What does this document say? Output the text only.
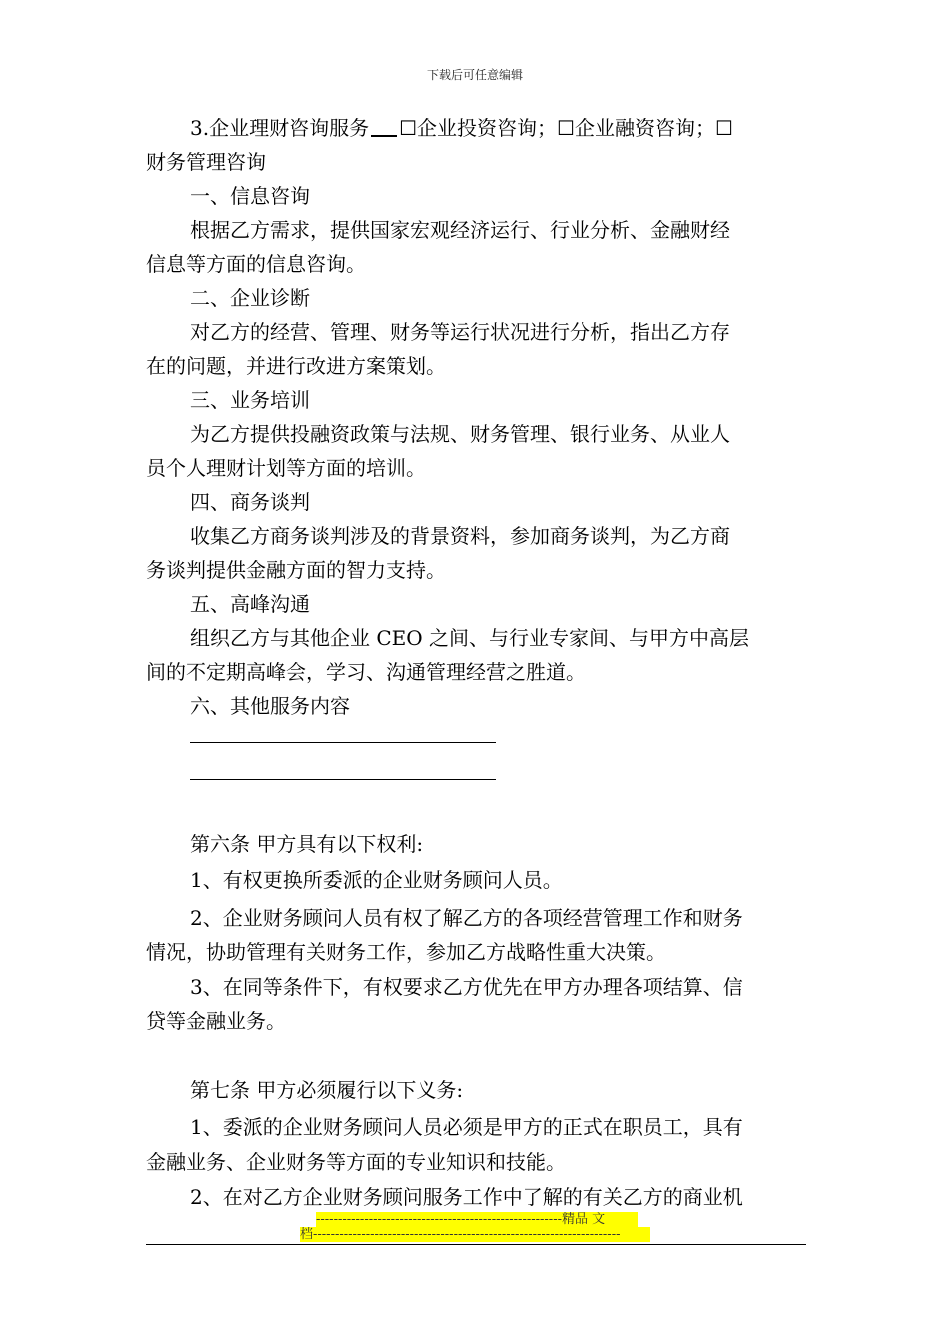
下载后可任意编辑
3.企业理财咨询服务 ☐企业投资咨询；☐企业融资咨询；☐
财务管理咨询
一、信息咨询
根据乙方需求，提供国家宏观经济运行、行业分析、金融财经
信息等方面的信息咨询。
二、企业诊断
对乙方的经营、管理、财务等运行状况进行分析，指出乙方存
在的问题，并进行改进方案策划。
三、业务培训
为乙方提供投融资政策与法规、财务管理、银行业务、从业人
员个人理财计划等方面的培训。
四、商务谈判
收集乙方商务谈判涉及的背景资料，参加商务谈判，为乙方商
务谈判提供金融方面的智力支持。
五、高峰沟通
组织乙方与其他企业 CEO 之间、与行业专家间、与甲方中高层
间的不定期高峰会，学习、沟通管理经营之胜道。
六、其他服务内容
第六条 甲方具有以下权利:
1、有权更换所委派的企业财务顾问人员。
2、企业财务顾问人员有权了解乙方的各项经营管理工作和财务
情况，协助管理有关财务工作，参加乙方战略性重大决策。
3、在同等条件下，有权要求乙方优先在甲方办理各项结算、信
贷等金融业务。
第七条 甲方必须履行以下义务:
1、委派的企业财务顾问人员必须是甲方的正式在职员工，具有
金融业务、企业财务等方面的专业知识和技能。
2、在对乙方企业财务顾问服务工作中了解的有关乙方的商业机
--------------------------------------------------------精品 文
档----------------------------------------------------------------------
